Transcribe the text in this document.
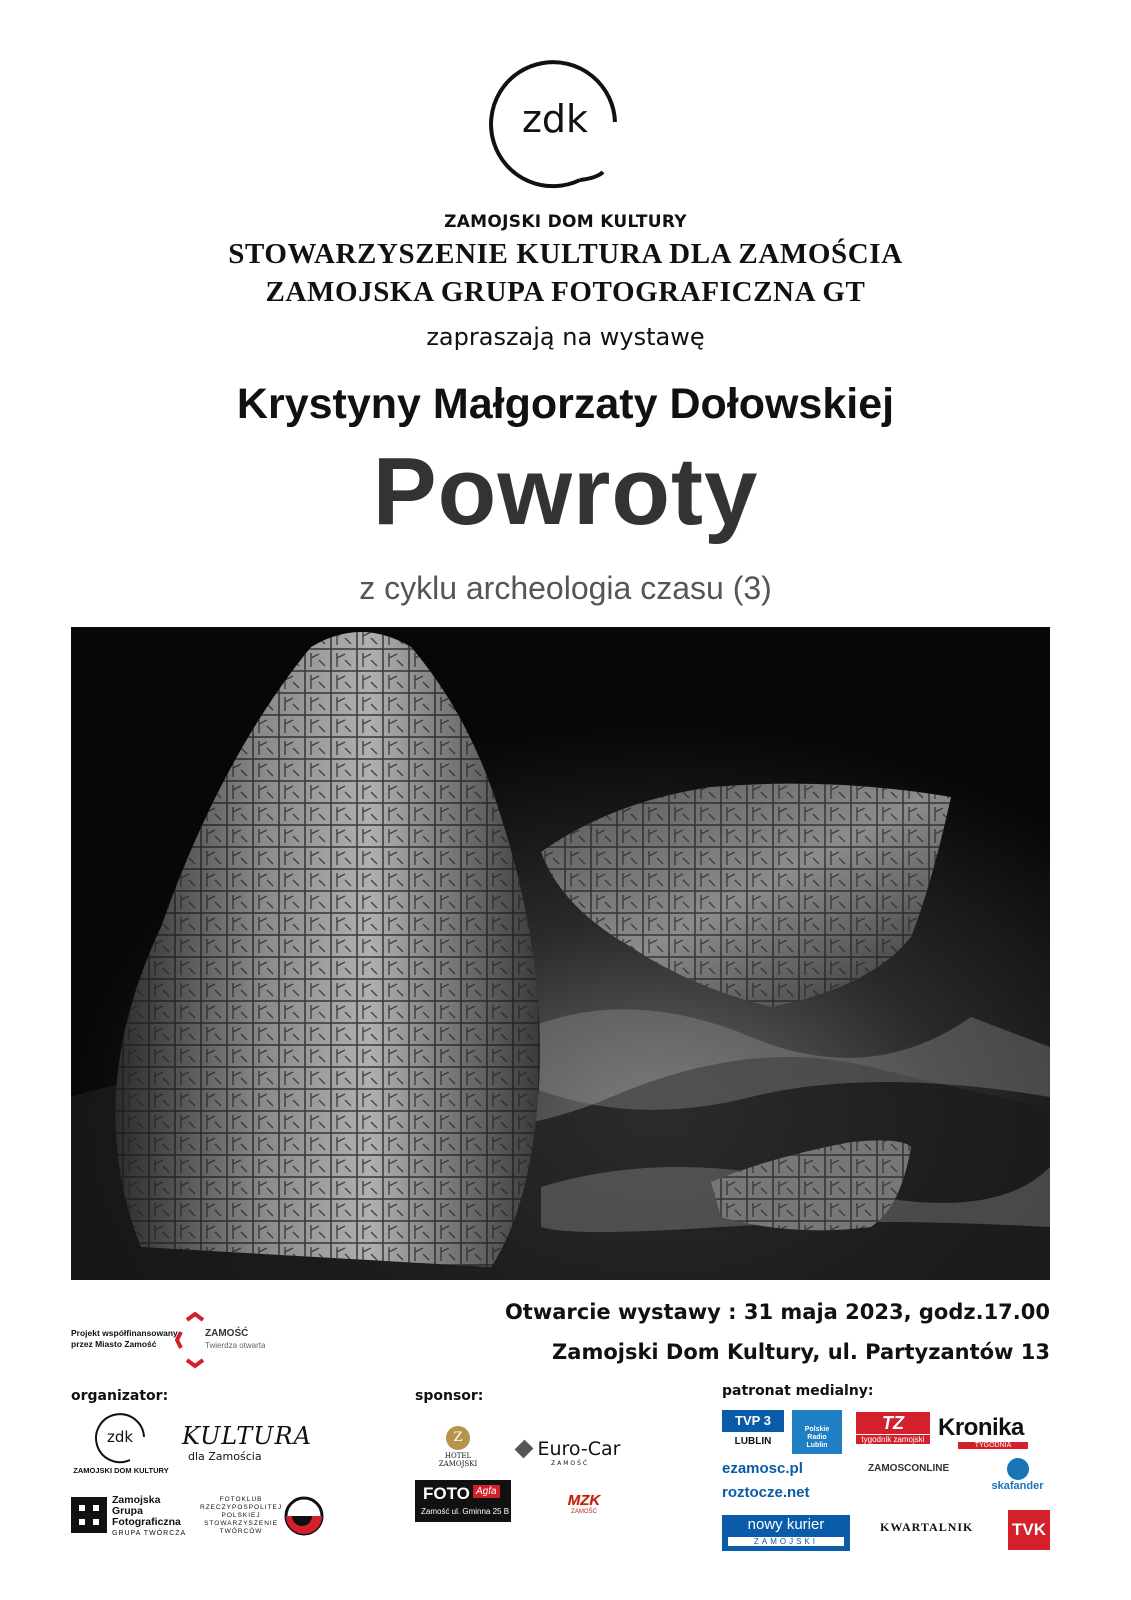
zdk
ZAMOJSKI DOM KULTURY
STOWARZYSZENIE KULTURA DLA ZAMOŚCIA
ZAMOJSKA GRUPA FOTOGRAFICZNA GT
zapraszają na wystawę
Krystyny Małgorzaty Dołowskiej
Powroty
z cyklu archeologia czasu (3)
Projekt współfinansowany
przez Miasto Zamość
ZAMOŚĆ
Twierdza otwarta
Otwarcie wystawy : 31 maja 2023, godz.17.00
Zamojski Dom Kultury, ul. Partyzantów 13
organizator:	sponsor:	patronat medialny:
zdk
ZAMOJSKI DOM KULTURY
KULTURA
dla Zamościa
Zamojska
Grupa
Fotograficzna
GRUPA TWÓRCZA
FOTOKLUB
RZECZYPOSPOLITEJ
POLSKIEJ
STOWARZYSZENIE
TWÓRCÓW
Z
HOTEL ZAMOJSKI
Euro-Car
ZAMOŚĆ
FOTO Agfa
Zamość ul. Gminna 25 B
MZK
ZAMOŚĆ
TVP 3
LUBLIN
Polskie
Radio
Lublin
TZ
tygodnik zamojski Kronika
TYGODNIA
ezamosc.pl	ZAMOSCONLINE
skafander
roztocze.net
nowy kurier
ZAMOJSKI
KWARTALNIK TVK
